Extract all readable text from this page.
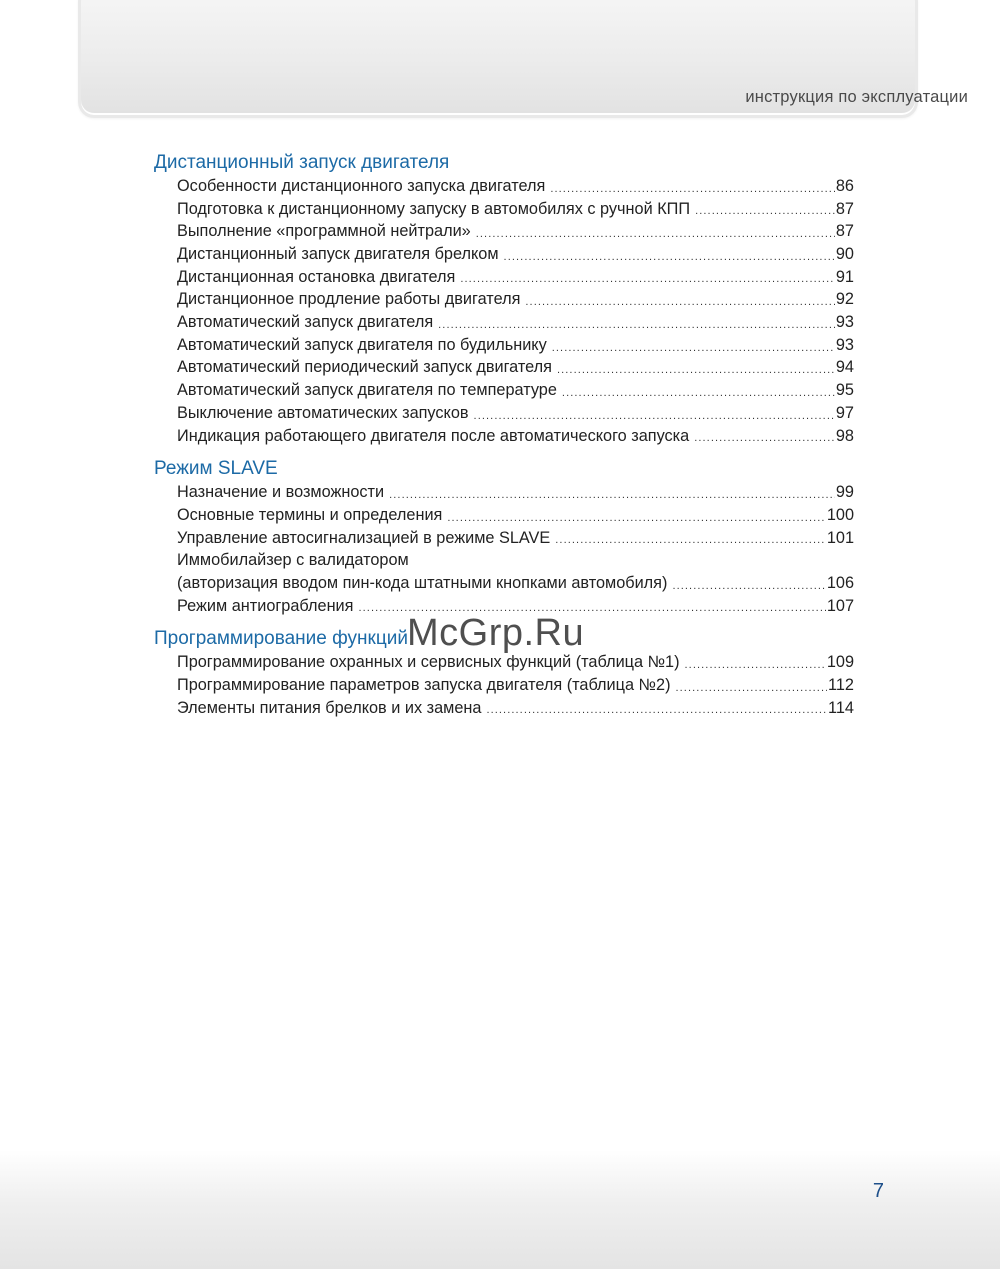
инструкция по эксплуатации
Дистанционный запуск двигателя
Особенности дистанционного запуска двигателя .....	86
Подготовка к дистанционному запуску в автомобилях с ручной КПП .....	87
Выполнение «программной нейтрали» .....	87
Дистанционный запуск двигателя брелком .....	90
Дистанционная остановка двигателя .....	91
Дистанционное продление работы двигателя .....	92
Автоматический запуск двигателя .....	93
Автоматический запуск двигателя по будильнику .....	93
Автоматический периодический запуск двигателя .....	94
Автоматический запуск двигателя по температуре .....	95
Выключение автоматических запусков .....	97
Индикация работающего двигателя после автоматического запуска .....	98
Режим SLAVE
Назначение и возможности .....	99
Основные термины и определения .....	100
Управление автосигнализацией в режиме SLAVE .....	101
Иммобилайзер с валидатором
(авторизация вводом пин-кода штатными кнопками автомобиля) .....	106
Режим антиограбления .....	107
Программирование функций
Программирование охранных и сервисных функций (таблица №1) .....	109
Программирование параметров запуска двигателя (таблица №2) .....	112
Элементы питания брелков и их замена .....	114
McGrp.Ru
7
